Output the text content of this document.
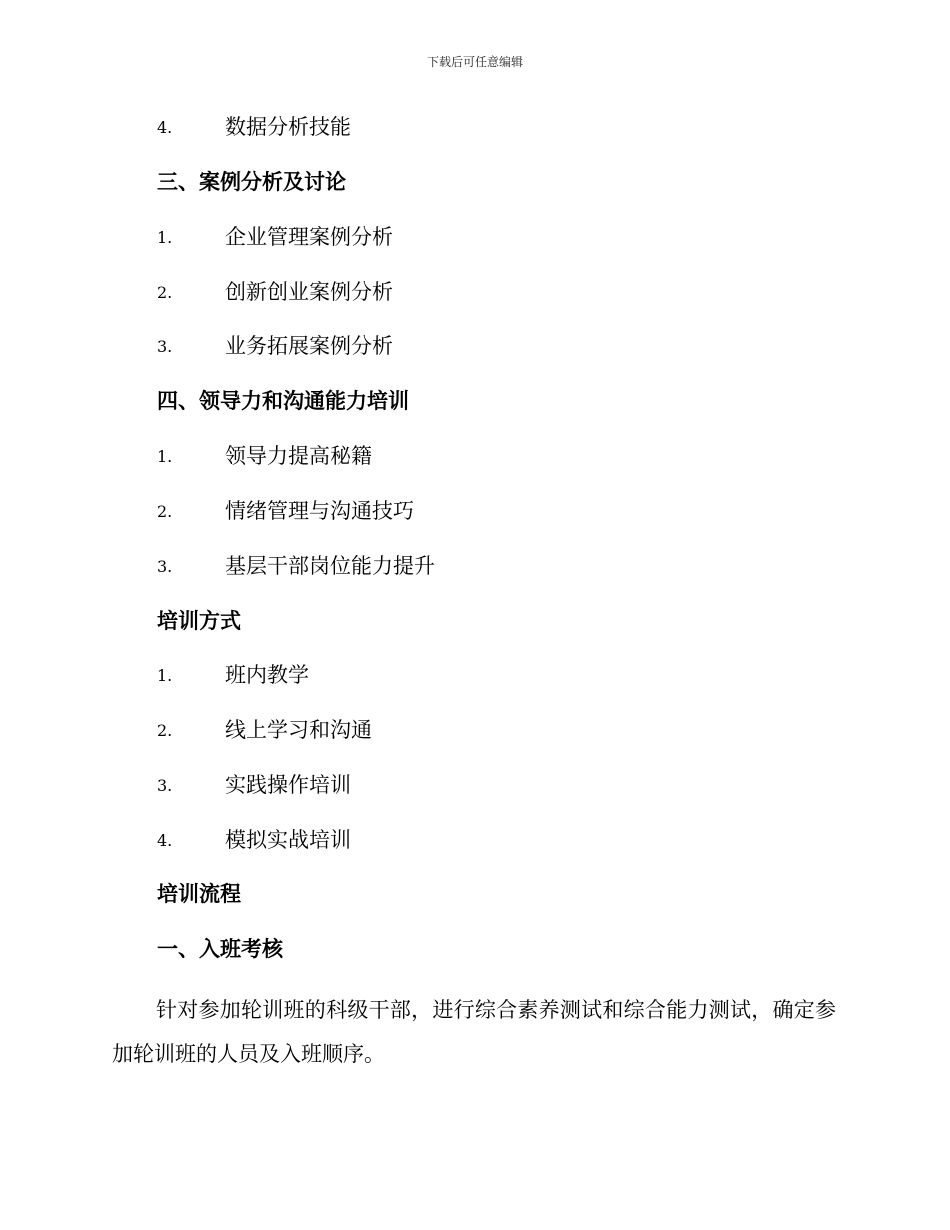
下载后可任意编辑
4.	数据分析技能
三、案例分析及讨论
1.	企业管理案例分析
2.	创新创业案例分析
3.	业务拓展案例分析
四、领导力和沟通能力培训
1.	领导力提高秘籍
2.	情绪管理与沟通技巧
3.	基层干部岗位能力提升
培训方式
1.	班内教学
2.	线上学习和沟通
3.	实践操作培训
4.	模拟实战培训
培训流程
一、入班考核
针对参加轮训班的科级干部，进行综合素养测试和综合能力测试，确定参加轮训班的人员及入班顺序。
